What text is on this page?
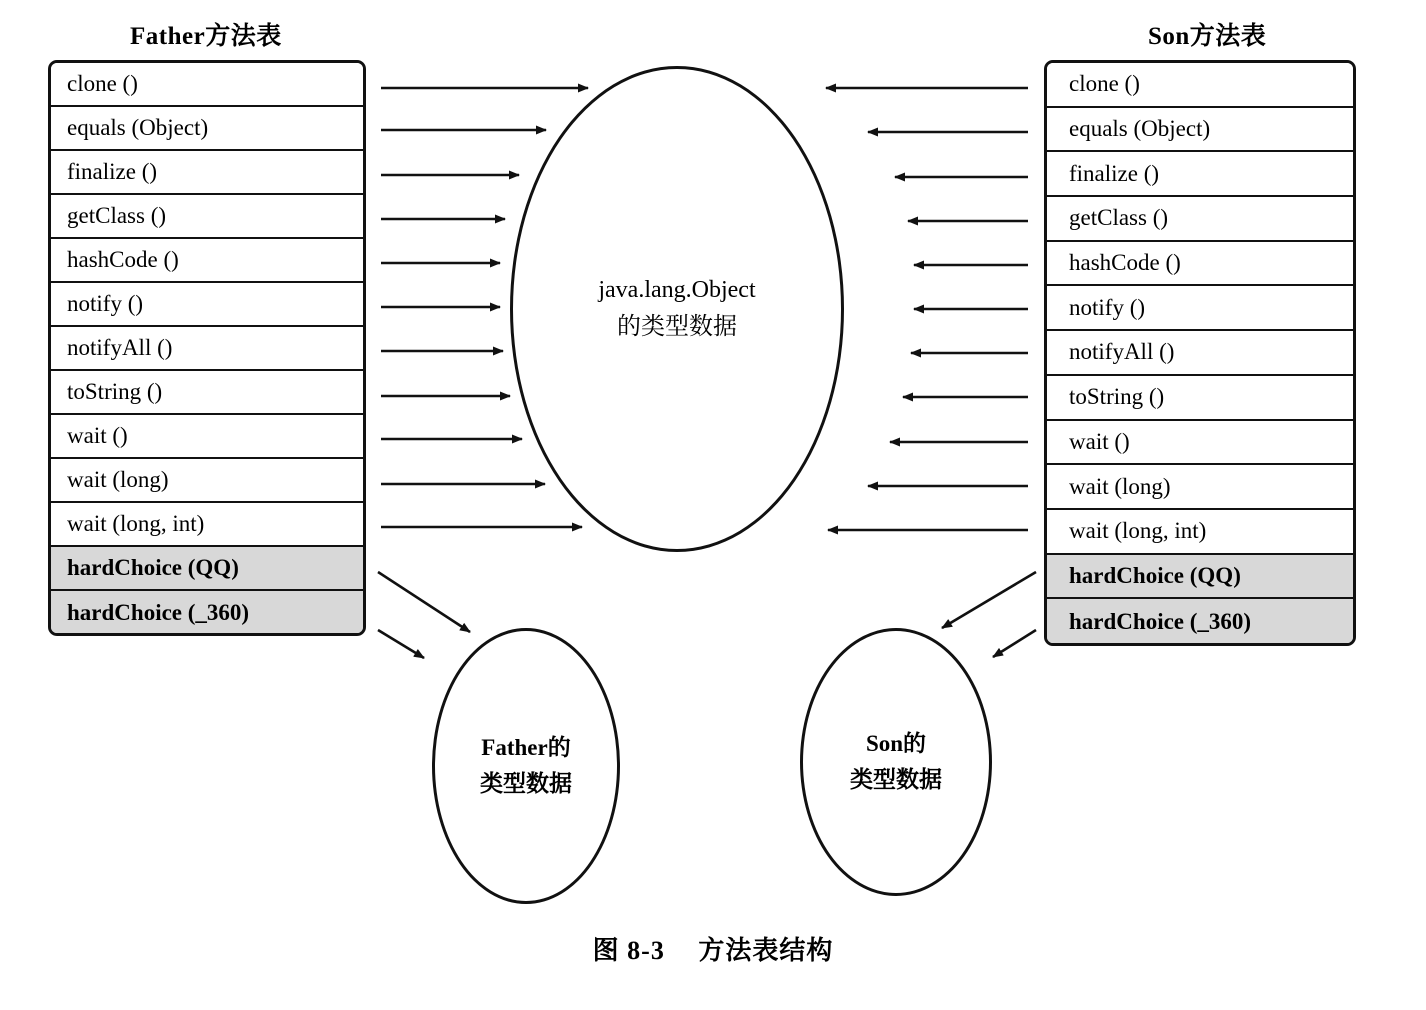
Father方法表	Son方法表
clone ()
equals (Object)
finalize ()
getClass ()
hashCode ()
notify ()
notifyAll ()
toString ()
wait ()
wait (long)
wait (long, int)
hardChoice (QQ)
hardChoice (_360)
clone ()
equals (Object)
finalize ()
getClass ()
hashCode ()
notify ()
notifyAll ()
toString ()
wait ()
wait (long)
wait (long, int)
hardChoice (QQ)
hardChoice (_360)
java.lang.Object
的类型数据
Father的
类型数据
Son的
类型数据
图 8-3 方法表结构
